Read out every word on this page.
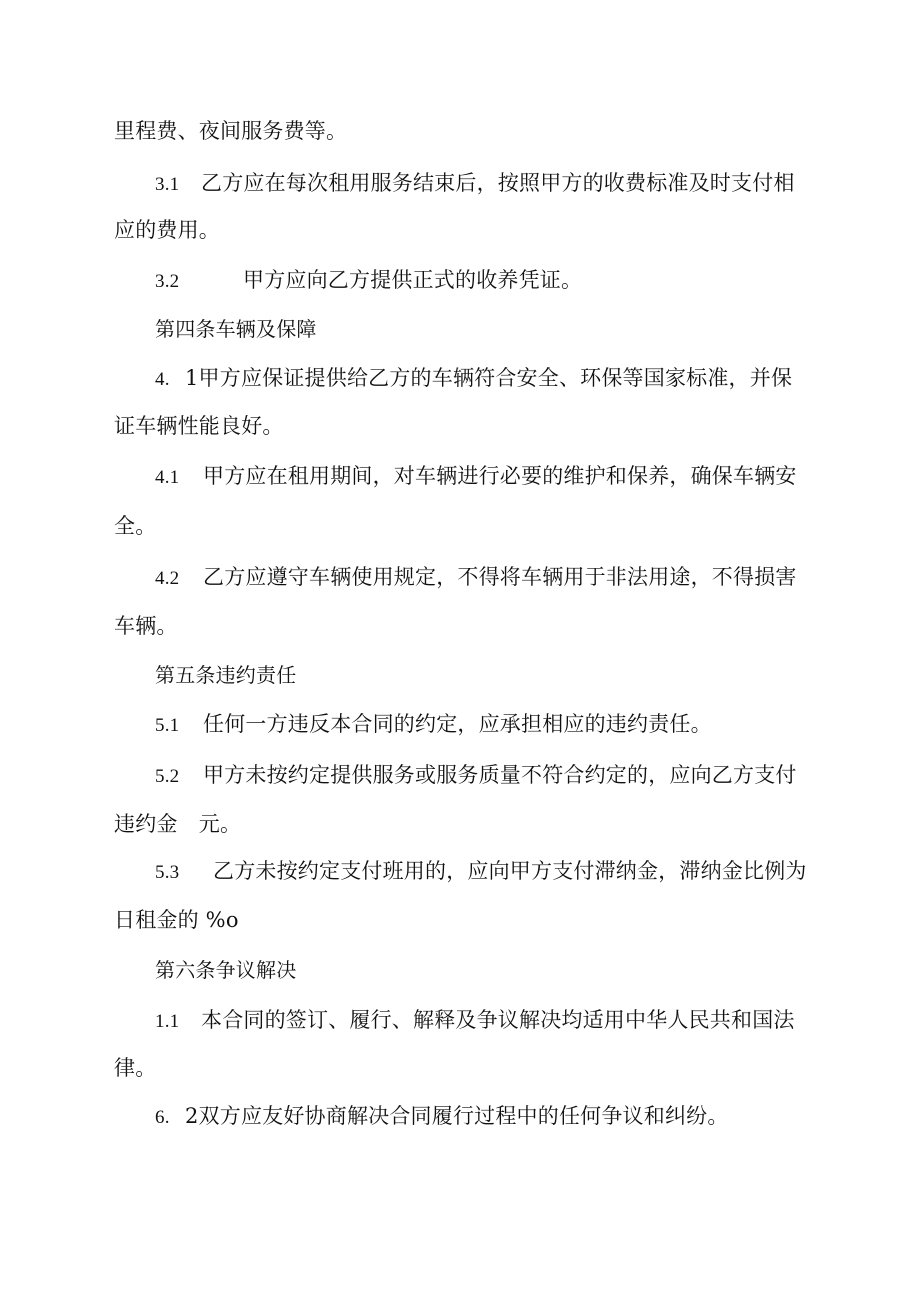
里程费、夜间服务费等。
3.1 乙方应在每次租用服务结束后，按照甲方的收费标准及时支付相
应的费用。
3.2	甲方应向乙方提供正式的收养凭证。
第四条车辆及保障
4. 1甲方应保证提供给乙方的车辆符合安全、环保等国家标准，并保
证车辆性能良好。
4.1 甲方应在租用期间，对车辆进行必要的维护和保养，确保车辆安
全。
4.2 乙方应遵守车辆使用规定，不得将车辆用于非法用途，不得损害
车辆。
第五条违约责任
5.1 任何一方违反本合同的约定，应承担相应的违约责任。
5.2 甲方未按约定提供服务或服务质量不符合约定的，应向乙方支付
违约金　元。
5.3 乙方未按约定支付班用的，应向甲方支付滞纳金，滞纳金比例为
日租金的 %o
第六条争议解决
1.1 本合同的签订、履行、解释及争议解决均适用中华人民共和国法
律。
6. 2双方应友好协商解决合同履行过程中的任何争议和纠纷。
